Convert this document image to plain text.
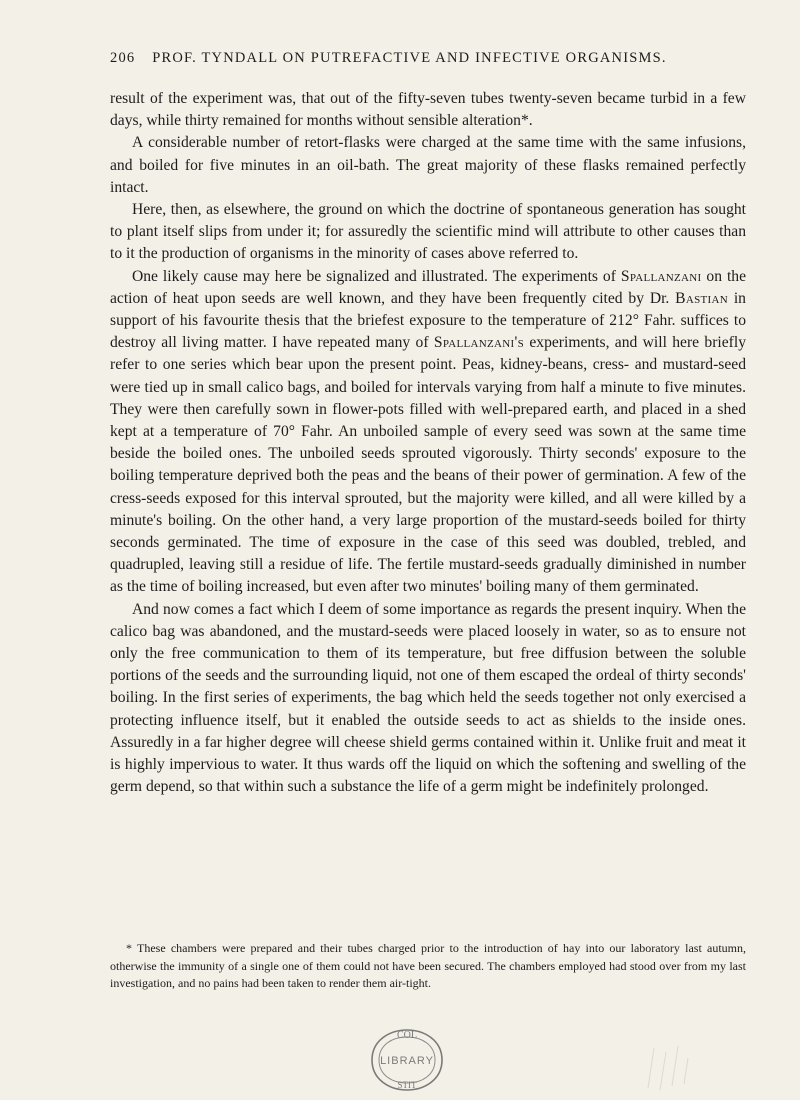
206 PROF. TYNDALL ON PUTREFACTIVE AND INFECTIVE ORGANISMS.

result of the experiment was, that out of the fifty-seven tubes twenty-seven became turbid in a few days, while thirty remained for months without sensible alteration*.

A considerable number of retort-flasks were charged at the same time with the same infusions, and boiled for five minutes in an oil-bath. The great majority of these flasks remained perfectly intact.

Here, then, as elsewhere, the ground on which the doctrine of spontaneous generation has sought to plant itself slips from under it; for assuredly the scientific mind will attribute to other causes than to it the production of organisms in the minority of cases above referred to.

One likely cause may here be signalized and illustrated. The experiments of Spallanzani on the action of heat upon seeds are well known, and they have been frequently cited by Dr. Bastian in support of his favourite thesis that the briefest exposure to the temperature of 212° Fahr. suffices to destroy all living matter. I have repeated many of Spallanzani's experiments, and will here briefly refer to one series which bear upon the present point. Peas, kidney-beans, cress- and mustard-seed were tied up in small calico bags, and boiled for intervals varying from half a minute to five minutes. They were then carefully sown in flower-pots filled with well-prepared earth, and placed in a shed kept at a temperature of 70° Fahr. An unboiled sample of every seed was sown at the same time beside the boiled ones. The unboiled seeds sprouted vigorously. Thirty seconds' exposure to the boiling temperature deprived both the peas and the beans of their power of germination. A few of the cress-seeds exposed for this interval sprouted, but the majority were killed, and all were killed by a minute's boiling. On the other hand, a very large proportion of the mustard-seeds boiled for thirty seconds germinated. The time of exposure in the case of this seed was doubled, trebled, and quadrupled, leaving still a residue of life. The fertile mustard-seeds gradually diminished in number as the time of boiling increased, but even after two minutes' boiling many of them germinated.

And now comes a fact which I deem of some importance as regards the present inquiry. When the calico bag was abandoned, and the mustard-seeds were placed loosely in water, so as to ensure not only the free communication to them of its temperature, but free diffusion between the soluble portions of the seeds and the surrounding liquid, not one of them escaped the ordeal of thirty seconds' boiling. In the first series of experiments, the bag which held the seeds together not only exercised a protecting influence itself, but it enabled the outside seeds to act as shields to the inside ones. Assuredly in a far higher degree will cheese shield germs contained within it. Unlike fruit and meat it is highly impervious to water. It thus wards off the liquid on which the softening and swelling of the germ depend, so that within such a substance the life of a germ might be indefinitely prolonged.

* These chambers were prepared and their tubes charged prior to the introduction of hay into our laboratory last autumn, otherwise the immunity of a single one of them could not have been secured. The chambers employed had stood over from my last investigation, and no pains had been taken to render them air-tight.
COL
LIBRARY
STIT
